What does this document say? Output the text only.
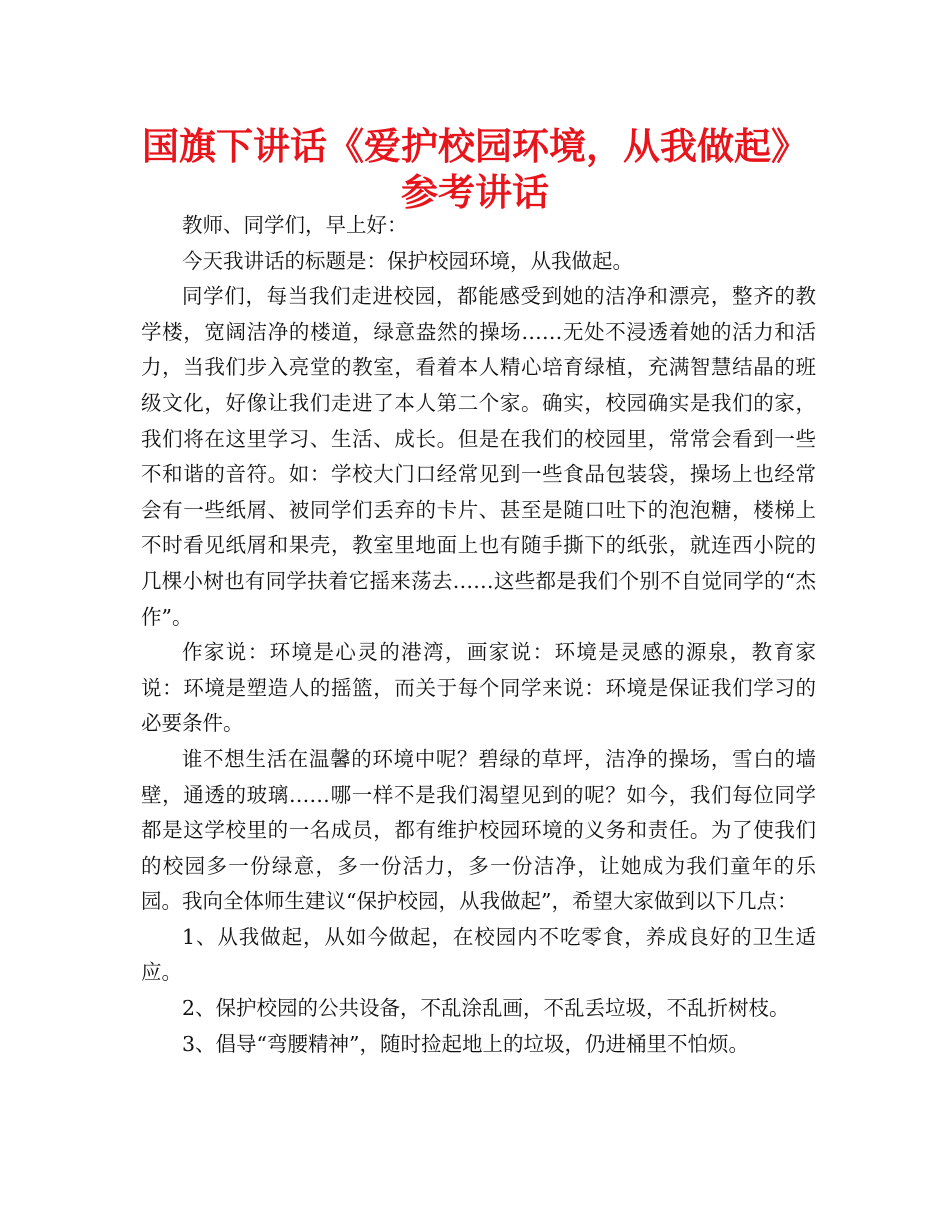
国旗下讲话《爱护校园环境，从我做起》
参考讲话

教师、同学们，早上好：

今天我讲话的标题是：保护校园环境，从我做起。

同学们，每当我们走进校园，都能感受到她的洁净和漂亮，整齐的教学楼，宽阔洁净的楼道，绿意盎然的操场……无处不浸透着她的活力和活力，当我们步入亮堂的教室，看着本人精心培育绿植，充满智慧结晶的班级文化，好像让我们走进了本人第二个家。确实，校园确实是我们的家，我们将在这里学习、生活、成长。但是在我们的校园里，常常会看到一些不和谐的音符。如：学校大门口经常见到一些食品包装袋，操场上也经常会有一些纸屑、被同学们丢弃的卡片、甚至是随口吐下的泡泡糖，楼梯上不时看见纸屑和果壳，教室里地面上也有随手撕下的纸张，就连西小院的几棵小树也有同学扶着它摇来荡去……这些都是我们个别不自觉同学的“杰作”。

作家说：环境是心灵的港湾，画家说：环境是灵感的源泉，教育家说：环境是塑造人的摇篮，而关于每个同学来说：环境是保证我们学习的必要条件。

谁不想生活在温馨的环境中呢？碧绿的草坪，洁净的操场，雪白的墙壁，通透的玻璃……哪一样不是我们渴望见到的呢？如今，我们每位同学都是这学校里的一名成员，都有维护校园环境的义务和责任。为了使我们的校园多一份绿意，多一份活力，多一份洁净，让她成为我们童年的乐园。我向全体师生建议“保护校园，从我做起”，希望大家做到以下几点：

1、从我做起，从如今做起，在校园内不吃零食，养成良好的卫生适应。

2、保护校园的公共设备，不乱涂乱画，不乱丢垃圾，不乱折树枝。

3、倡导“弯腰精神”，随时捡起地上的垃圾，仍进桶里不怕烦。
